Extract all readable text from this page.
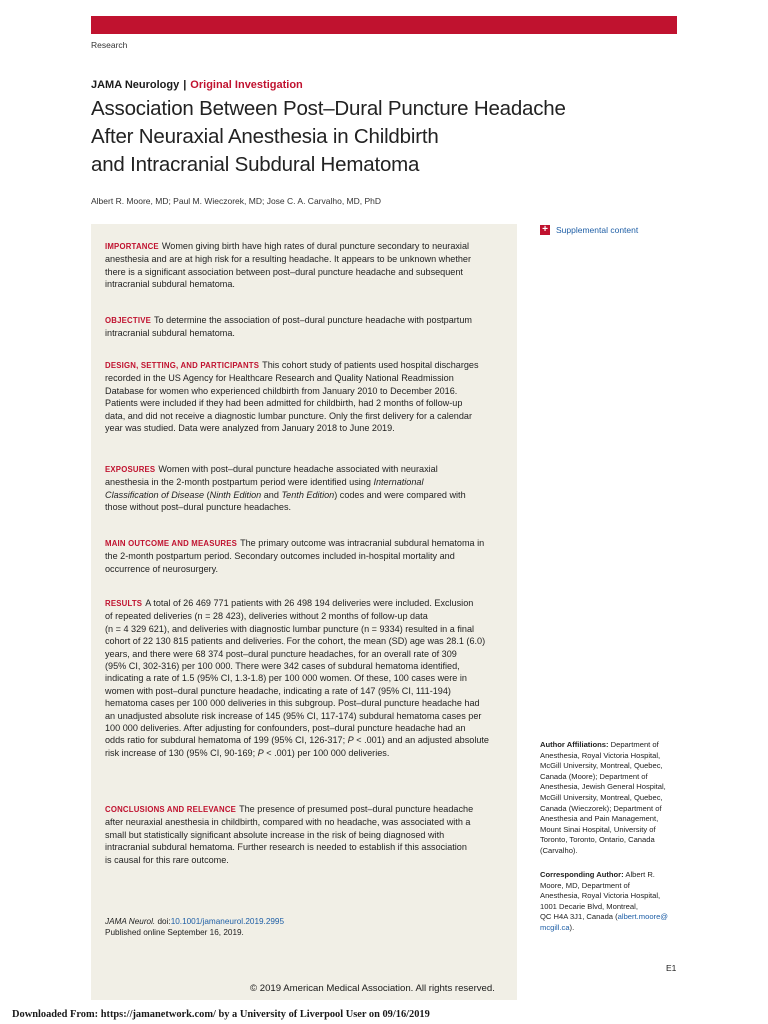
Research
JAMA Neurology | Original Investigation
Association Between Post–Dural Puncture Headache
After Neuraxial Anesthesia in Childbirth
and Intracranial Subdural Hematoma
Albert R. Moore, MD; Paul M. Wieczorek, MD; Jose C. A. Carvalho, MD, PhD
IMPORTANCE Women giving birth have high rates of dural puncture secondary to neuraxial
anesthesia and are at high risk for a resulting headache. It appears to be unknown whether
there is a significant association between post–dural puncture headache and subsequent
intracranial subdural hematoma.
OBJECTIVE To determine the association of post–dural puncture headache with postpartum
intracranial subdural hematoma.
DESIGN, SETTING, AND PARTICIPANTS This cohort study of patients used hospital discharges
recorded in the US Agency for Healthcare Research and Quality National Readmission
Database for women who experienced childbirth from January 2010 to December 2016.
Patients were included if they had been admitted for childbirth, had 2 months of follow-up
data, and did not receive a diagnostic lumbar puncture. Only the first delivery for a calendar
year was studied. Data were analyzed from January 2018 to June 2019.
EXPOSURES Women with post–dural puncture headache associated with neuraxial
anesthesia in the 2-month postpartum period were identified using International
Classification of Disease (Ninth Edition and Tenth Edition) codes and were compared with
those without post–dural puncture headaches.
MAIN OUTCOME AND MEASURES The primary outcome was intracranial subdural hematoma in
the 2-month postpartum period. Secondary outcomes included in-hospital mortality and
occurrence of neurosurgery.
RESULTS A total of 26 469 771 patients with 26 498 194 deliveries were included. Exclusion
of repeated deliveries (n = 28 423), deliveries without 2 months of follow-up data
(n = 4 329 621), and deliveries with diagnostic lumbar puncture (n = 9334) resulted in a final
cohort of 22 130 815 patients and deliveries. For the cohort, the mean (SD) age was 28.1 (6.0)
years, and there were 68 374 post–dural puncture headaches, for an overall rate of 309
(95% CI, 302-316) per 100 000. There were 342 cases of subdural hematoma identified,
indicating a rate of 1.5 (95% CI, 1.3-1.8) per 100 000 women. Of these, 100 cases were in
women with post–dural puncture headache, indicating a rate of 147 (95% CI, 111-194)
hematoma cases per 100 000 deliveries in this subgroup. Post–dural puncture headache had
an unadjusted absolute risk increase of 145 (95% CI, 117-174) subdural hematoma cases per
100 000 deliveries. After adjusting for confounders, post–dural puncture headache had an
odds ratio for subdural hematoma of 199 (95% CI, 126-317; P < .001) and an adjusted absolute
risk increase of 130 (95% CI, 90-169; P < .001) per 100 000 deliveries.
CONCLUSIONS AND RELEVANCE The presence of presumed post–dural puncture headache
after neuraxial anesthesia in childbirth, compared with no headache, was associated with a
small but statistically significant absolute increase in the risk of being diagnosed with
intracranial subdural hematoma. Further research is needed to establish if this association
is causal for this rare outcome.
JAMA Neurol. doi:10.1001/jamaneurol.2019.2995
Published online September 16, 2019.
+ Supplemental content
Author Affiliations: Department of
Anesthesia, Royal Victoria Hospital,
McGill University, Montreal, Quebec,
Canada (Moore); Department of
Anesthesia, Jewish General Hospital,
McGill University, Montreal, Quebec,
Canada (Wieczorek); Department of
Anesthesia and Pain Management,
Mount Sinai Hospital, University of
Toronto, Toronto, Ontario, Canada
(Carvalho).
Corresponding Author: Albert R.
Moore, MD, Department of
Anesthesia, Royal Victoria Hospital,
1001 Decarie Blvd, Montreal,
QC H4A 3J1, Canada (albert.moore@
mcgill.ca).
E1
© 2019 American Medical Association. All rights reserved.
Downloaded From: https://jamanetwork.com/ by a University of Liverpool User on 09/16/2019
